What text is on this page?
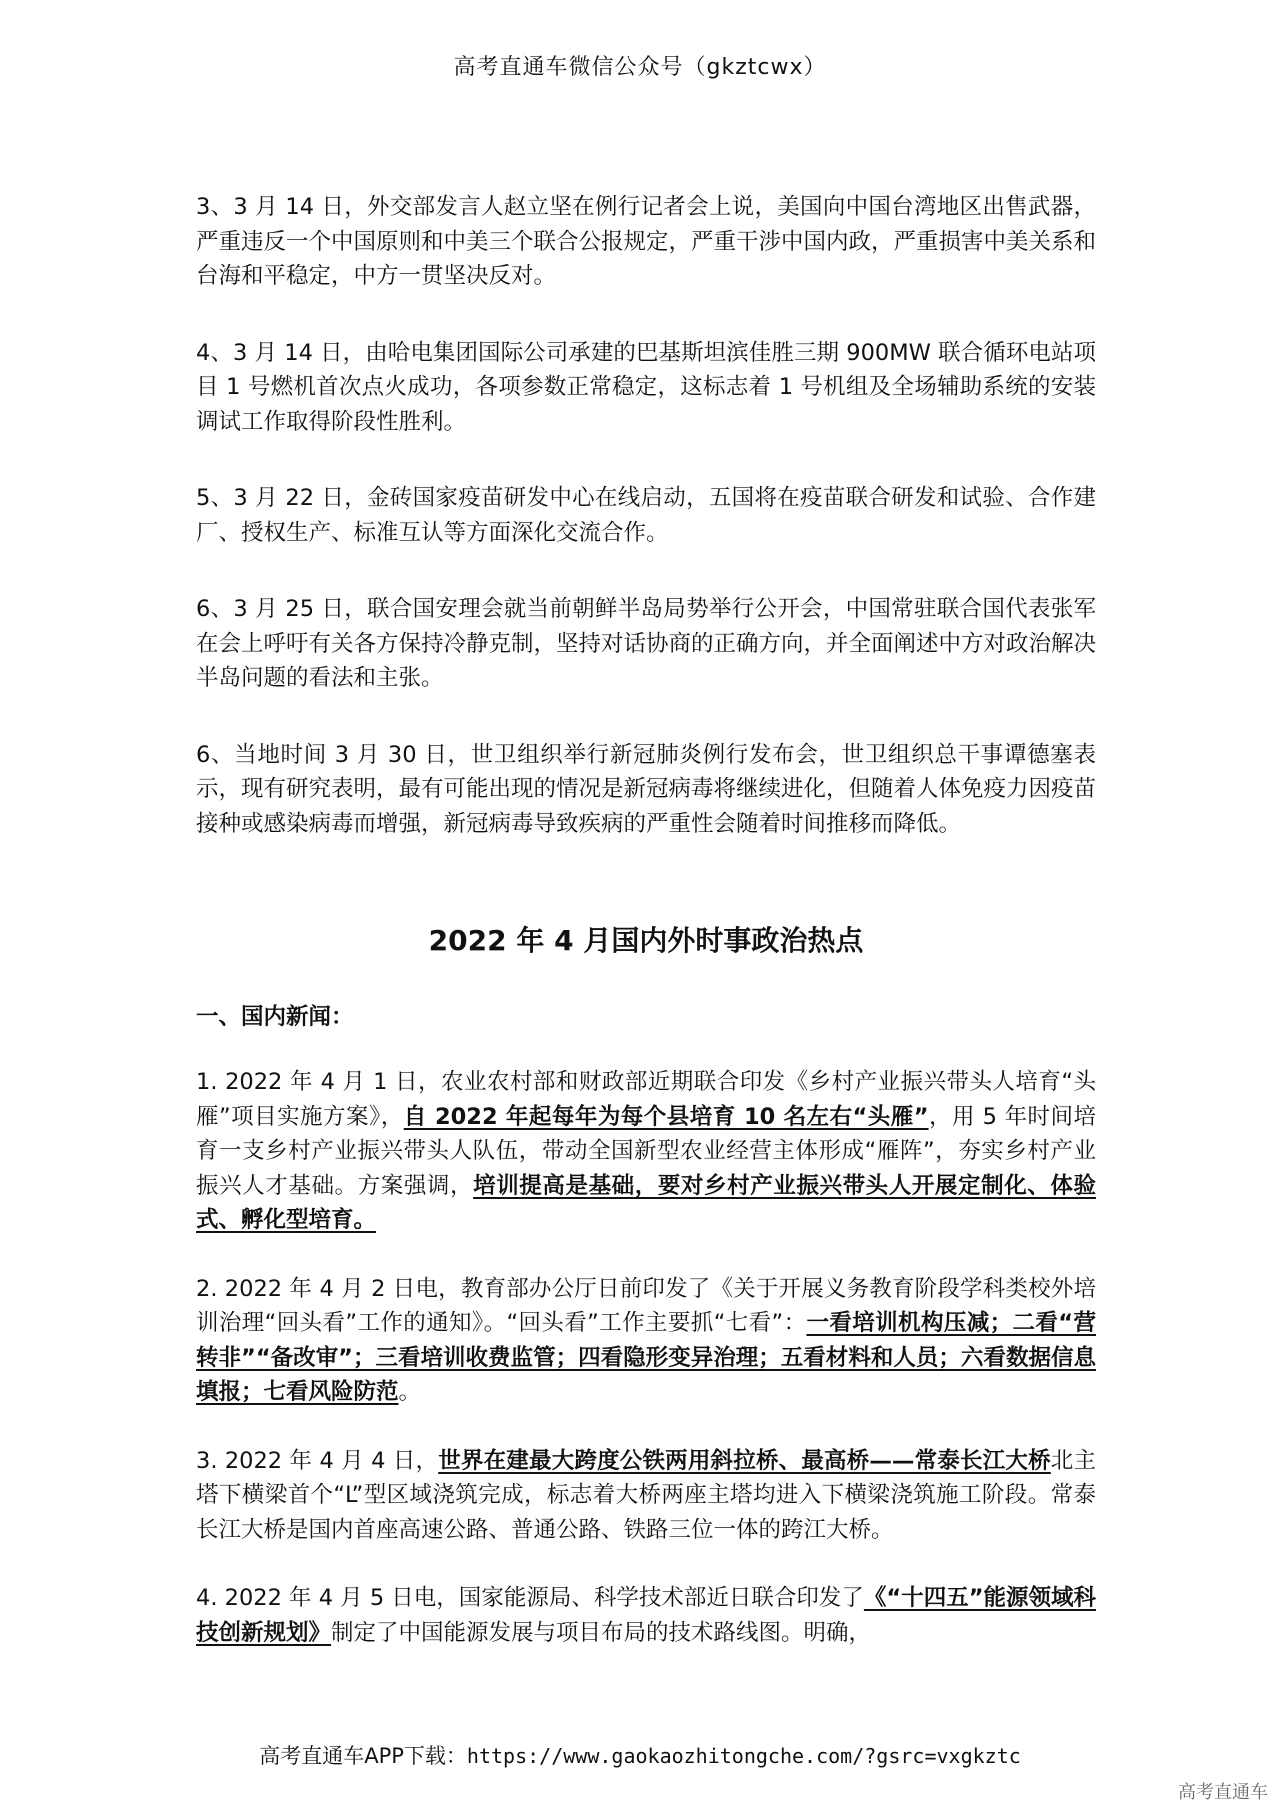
高考直通车微信公众号（gkztcwx）

3、3 月 14 日，外交部发言人赵立坚在例行记者会上说，美国向中国台湾地区出售武器，严重违反一个中国原则和中美三个联合公报规定，严重干涉中国内政，严重损害中美关系和台海和平稳定，中方一贯坚决反对。

4、3 月 14 日，由哈电集团国际公司承建的巴基斯坦滨佳胜三期 900MW 联合循环电站项目 1 号燃机首次点火成功，各项参数正常稳定，这标志着 1 号机组及全场辅助系统的安装调试工作取得阶段性胜利。

5、3 月 22 日，金砖国家疫苗研发中心在线启动，五国将在疫苗联合研发和试验、合作建厂、授权生产、标准互认等方面深化交流合作。

6、3 月 25 日，联合国安理会就当前朝鲜半岛局势举行公开会，中国常驻联合国代表张军在会上呼吁有关各方保持冷静克制，坚持对话协商的正确方向，并全面阐述中方对政治解决半岛问题的看法和主张。

6、当地时间 3 月 30 日，世卫组织举行新冠肺炎例行发布会，世卫组织总干事谭德塞表示，现有研究表明，最有可能出现的情况是新冠病毒将继续进化，但随着人体免疫力因疫苗接种或感染病毒而增强，新冠病毒导致疾病的严重性会随着时间推移而降低。

2022 年 4 月国内外时事政治热点
一、国内新闻：

1. 2022 年 4 月 1 日，农业农村部和财政部近期联合印发《乡村产业振兴带头人培育“头雁”项目实施方案》，自 2022 年起每年为每个县培育 10 名左右“头雁”，用 5 年时间培育一支乡村产业振兴带头人队伍，带动全国新型农业经营主体形成“雁阵”，夯实乡村产业振兴人才基础。方案强调，培训提高是基础，要对乡村产业振兴带头人开展定制化、体验式、孵化型培育。

2. 2022 年 4 月 2 日电，教育部办公厅日前印发了《关于开展义务教育阶段学科类校外培训治理“回头看”工作的通知》。“回头看”工作主要抓“七看”：一看培训机构压减；二看“营转非”“备改审”；三看培训收费监管；四看隐形变异治理；五看材料和人员；六看数据信息填报；七看风险防范。

3. 2022 年 4 月 4 日，世界在建最大跨度公铁两用斜拉桥、最高桥——常泰长江大桥北主塔下横梁首个“L”型区域浇筑完成，标志着大桥两座主塔均进入下横梁浇筑施工阶段。常泰长江大桥是国内首座高速公路、普通公路、铁路三位一体的跨江大桥。

4. 2022 年 4 月 5 日电，国家能源局、科学技术部近日联合印发了《“十四五”能源领域科技创新规划》制定了中国能源发展与项目布局的技术路线图。明确，

高考直通车APP下载：https://www.gaokaozhitongche.com/?gsrc=vxgkztc
高考直通车
